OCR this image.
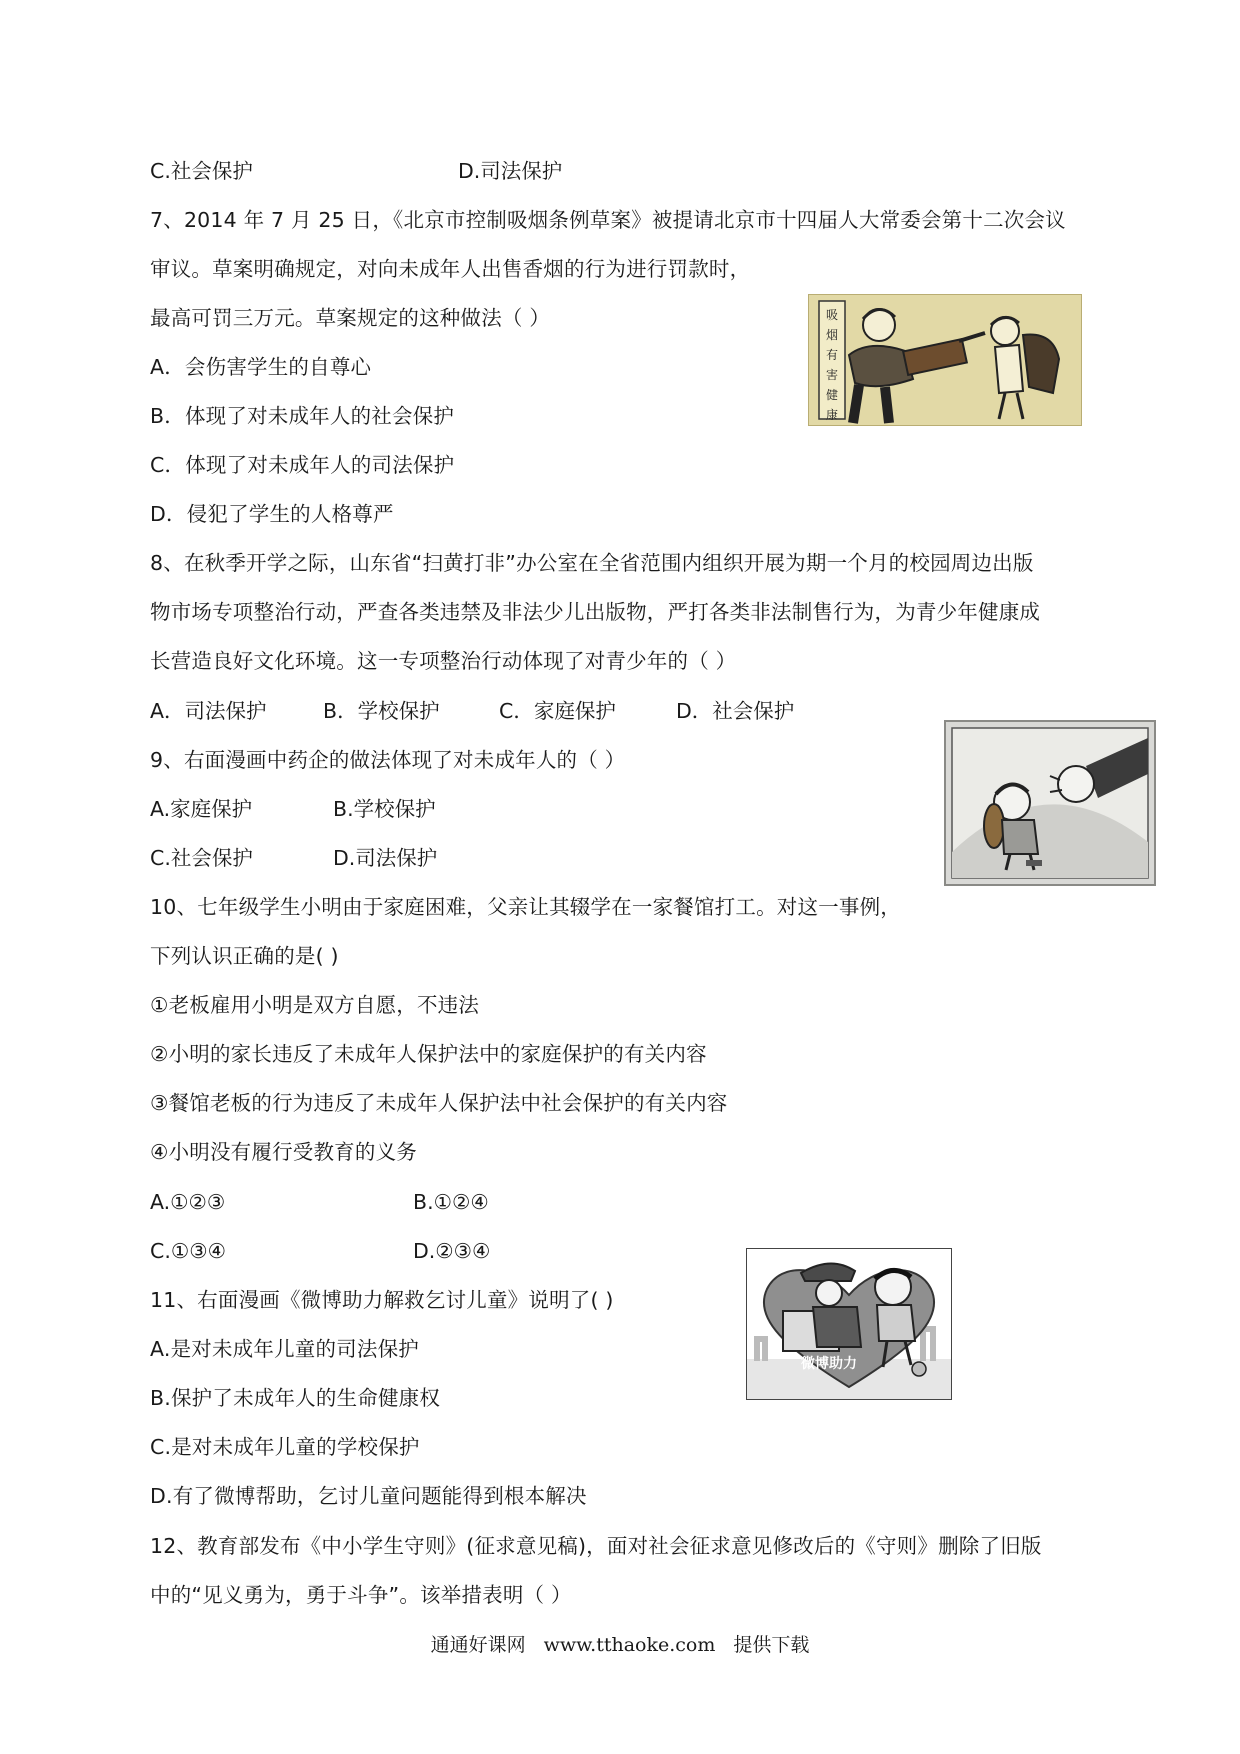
C.社会保护	D.司法保护
7、2014 年 7 月 25 日，《北京市控制吸烟条例草案》被提请北京市十四届人大常委会第十二次会议
审议。草案明确规定，对向未成年人出售香烟的行为进行罚款时，
最高可罚三万元。草案规定的这种做法（ ）
A．会伤害学生的自尊心
B．体现了对未成年人的社会保护
C．体现了对未成年人的司法保护
D．侵犯了学生的人格尊严
吸烟有害健康
8、在秋季开学之际，山东省“扫黄打非”办公室在全省范围内组织开展为期一个月的校园周边出版
物市场专项整治行动，严查各类违禁及非法少儿出版物，严打各类非法制售行为，为青少年健康成
长营造良好文化环境。这一专项整治行动体现了对青少年的（ ）
A．司法保护	B．学校保护	C．家庭保护	D．社会保护
9、右面漫画中药企的做法体现了对未成年人的（ ）
A.家庭保护	B.学校保护
C.社会保护	D.司法保护
10、七年级学生小明由于家庭困难，父亲让其辍学在一家餐馆打工。对这一事例，
下列认识正确的是( )
①老板雇用小明是双方自愿，不违法
②小明的家长违反了未成年人保护法中的家庭保护的有关内容
③餐馆老板的行为违反了未成年人保护法中社会保护的有关内容
④小明没有履行受教育的义务
A.①②③	B.①②④
C.①③④	D.②③④
微博助力
11、右面漫画《微博助力解救乞讨儿童》说明了( )
A.是对未成年儿童的司法保护
B.保护了未成年人的生命健康权
C.是对未成年儿童的学校保护
D.有了微博帮助，乞讨儿童问题能得到根本解决
12、教育部发布《中小学生守则》(征求意见稿)，面对社会征求意见修改后的《守则》删除了旧版
中的“见义勇为，勇于斗争”。该举措表明（ ）
通通好课网 www.tthaoke.com 提供下载
